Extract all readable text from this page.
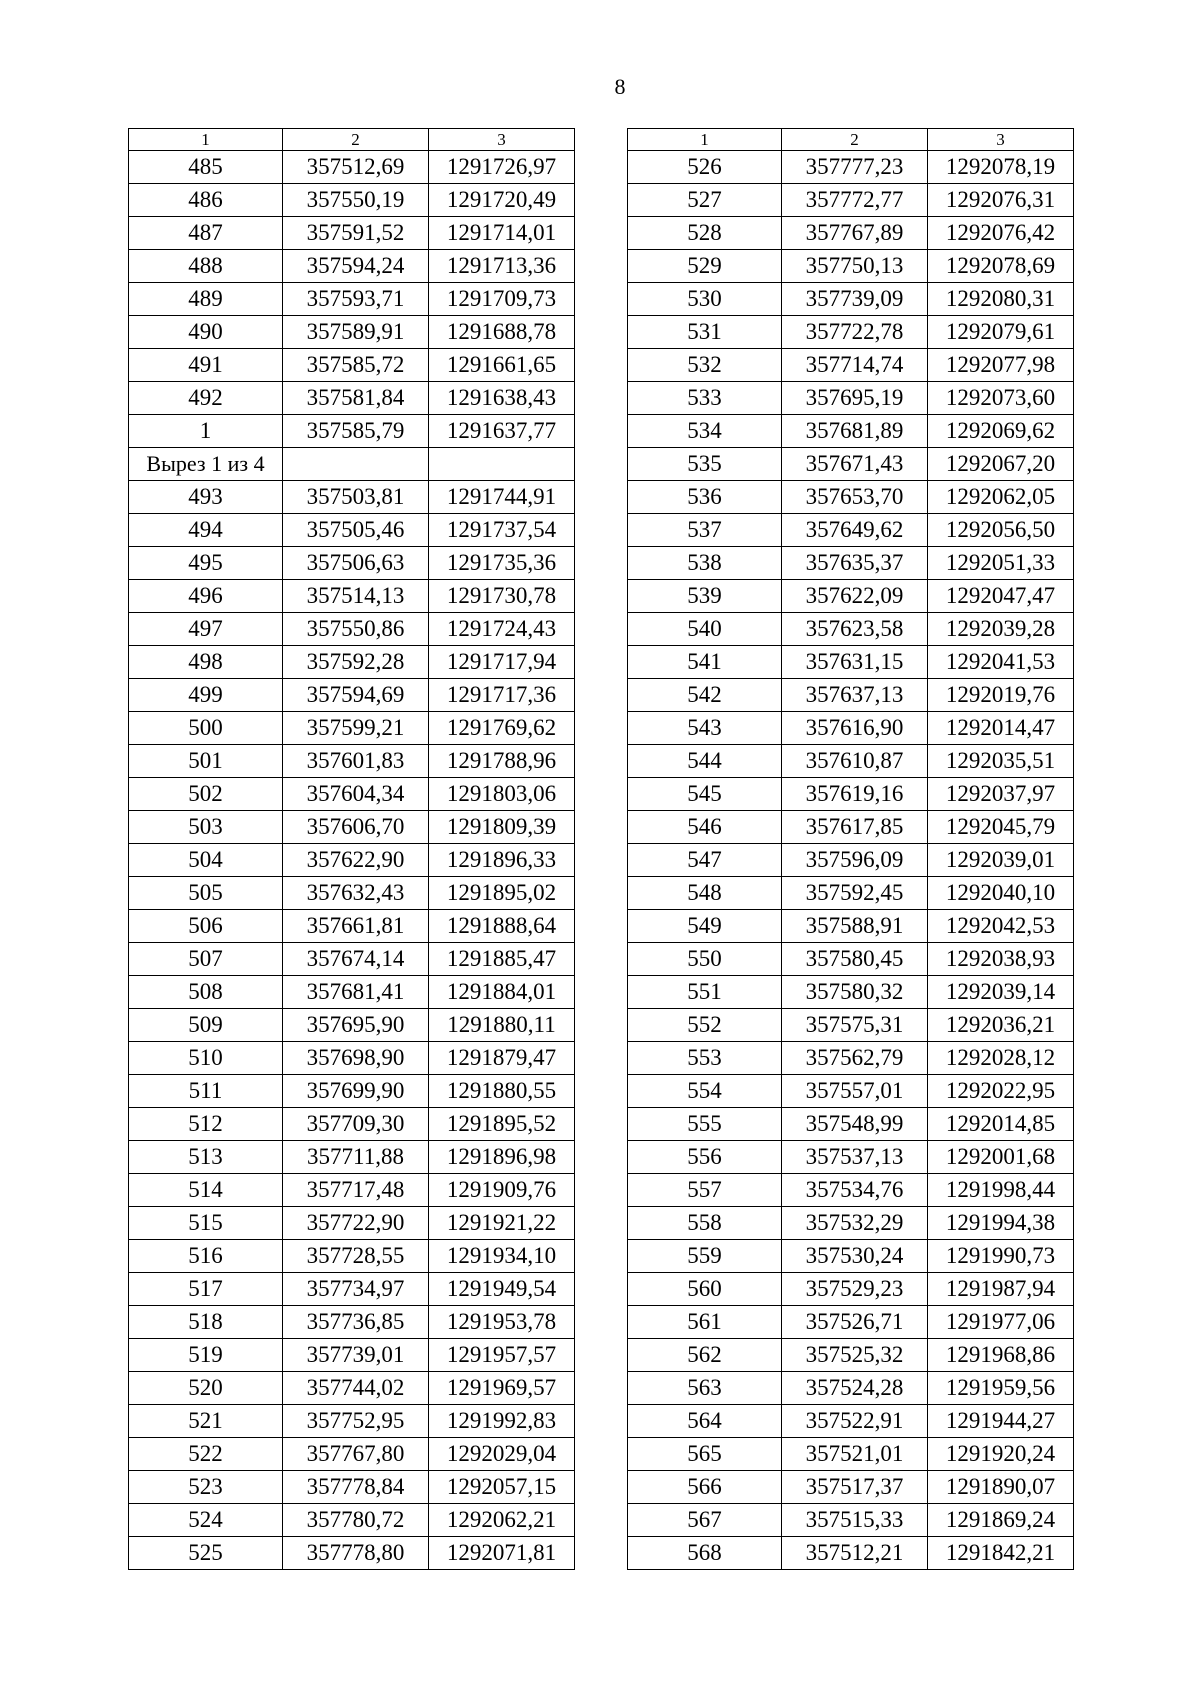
8
1	2	3
485	357512,69	1291726,97
486	357550,19	1291720,49
487	357591,52	1291714,01
488	357594,24	1291713,36
489	357593,71	1291709,73
490	357589,91	1291688,78
491	357585,72	1291661,65
492	357581,84	1291638,43
1	357585,79	1291637,77
Вырез 1 из 4		
493	357503,81	1291744,91
494	357505,46	1291737,54
495	357506,63	1291735,36
496	357514,13	1291730,78
497	357550,86	1291724,43
498	357592,28	1291717,94
499	357594,69	1291717,36
500	357599,21	1291769,62
501	357601,83	1291788,96
502	357604,34	1291803,06
503	357606,70	1291809,39
504	357622,90	1291896,33
505	357632,43	1291895,02
506	357661,81	1291888,64
507	357674,14	1291885,47
508	357681,41	1291884,01
509	357695,90	1291880,11
510	357698,90	1291879,47
511	357699,90	1291880,55
512	357709,30	1291895,52
513	357711,88	1291896,98
514	357717,48	1291909,76
515	357722,90	1291921,22
516	357728,55	1291934,10
517	357734,97	1291949,54
518	357736,85	1291953,78
519	357739,01	1291957,57
520	357744,02	1291969,57
521	357752,95	1291992,83
522	357767,80	1292029,04
523	357778,84	1292057,15
524	357780,72	1292062,21
525	357778,80	1292071,81
1	2	3
526	357777,23	1292078,19
527	357772,77	1292076,31
528	357767,89	1292076,42
529	357750,13	1292078,69
530	357739,09	1292080,31
531	357722,78	1292079,61
532	357714,74	1292077,98
533	357695,19	1292073,60
534	357681,89	1292069,62
535	357671,43	1292067,20
536	357653,70	1292062,05
537	357649,62	1292056,50
538	357635,37	1292051,33
539	357622,09	1292047,47
540	357623,58	1292039,28
541	357631,15	1292041,53
542	357637,13	1292019,76
543	357616,90	1292014,47
544	357610,87	1292035,51
545	357619,16	1292037,97
546	357617,85	1292045,79
547	357596,09	1292039,01
548	357592,45	1292040,10
549	357588,91	1292042,53
550	357580,45	1292038,93
551	357580,32	1292039,14
552	357575,31	1292036,21
553	357562,79	1292028,12
554	357557,01	1292022,95
555	357548,99	1292014,85
556	357537,13	1292001,68
557	357534,76	1291998,44
558	357532,29	1291994,38
559	357530,24	1291990,73
560	357529,23	1291987,94
561	357526,71	1291977,06
562	357525,32	1291968,86
563	357524,28	1291959,56
564	357522,91	1291944,27
565	357521,01	1291920,24
566	357517,37	1291890,07
567	357515,33	1291869,24
568	357512,21	1291842,21
